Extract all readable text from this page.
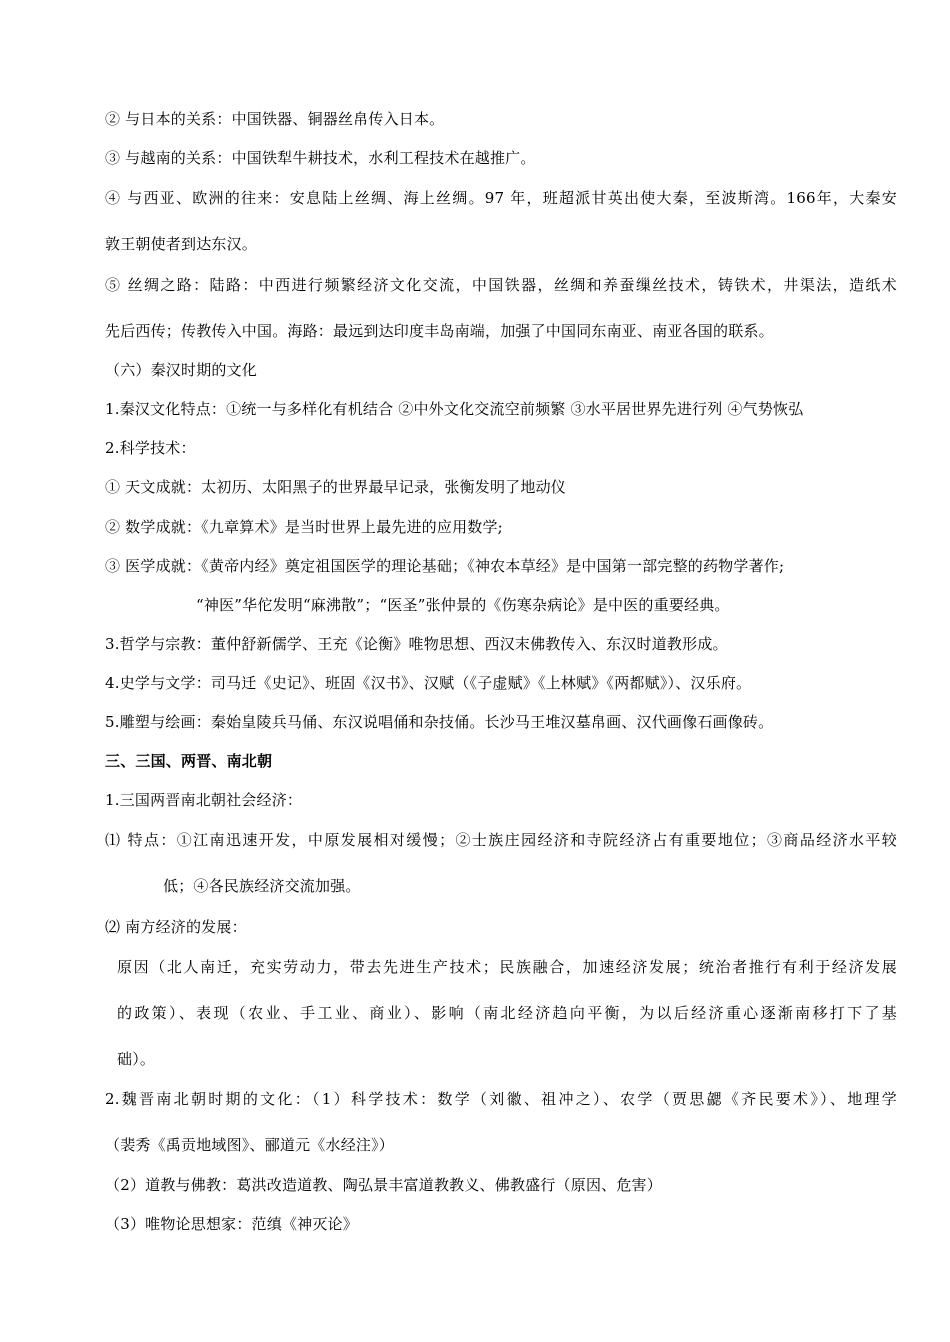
② 与日本的关系：中国铁器、铜器丝帛传入日本。
③ 与越南的关系：中国铁犁牛耕技术，水利工程技术在越推广。
④ 与西亚、欧洲的往来：安息陆上丝绸、海上丝绸。97 年，班超派甘英出使大秦，至波斯湾。166年，大秦安
敦王朝使者到达东汉。
⑤ 丝绸之路：陆路：中西进行频繁经济文化交流，中国铁器，丝绸和养蚕缫丝技术，铸铁术，井渠法，造纸术
先后西传；传教传入中国。海路：最远到达印度丰岛南端，加强了中国同东南亚、南亚各国的联系。
（六）秦汉时期的文化
1.秦汉文化特点：①统一与多样化有机结合 ②中外文化交流空前频繁 ③水平居世界先进行列 ④气势恢弘
2.科学技术：
① 天文成就：太初历、太阳黑子的世界最早记录，张衡发明了地动仪
② 数学成就：《九章算术》是当时世界上最先进的应用数学;
③ 医学成就：《黄帝内经》奠定祖国医学的理论基础；《神农本草经》是中国第一部完整的药物学著作;
“神医”华佗发明“麻沸散”；“医圣”张仲景的《伤寒杂病论》是中医的重要经典。
3.哲学与宗教：董仲舒新儒学、王充《论衡》唯物思想、西汉末佛教传入、东汉时道教形成。
4.史学与文学：司马迁《史记》、班固《汉书》、汉赋（《子虚赋》《上林赋》《两都赋》）、汉乐府。
5.雕塑与绘画：秦始皇陵兵马俑、东汉说唱俑和杂技俑。长沙马王堆汉墓帛画、汉代画像石画像砖。
三、三国、两晋、南北朝
1.三国两晋南北朝社会经济：
⑴ 特点：①江南迅速开发，中原发展相对缓慢；②士族庄园经济和寺院经济占有重要地位；③商品经济水平较
低；④各民族经济交流加强。
⑵ 南方经济的发展：
原因（北人南迁，充实劳动力，带去先进生产技术；民族融合，加速经济发展；统治者推行有利于经济发展
的政策）、表现（农业、手工业、商业）、影响（南北经济趋向平衡，为以后经济重心逐渐南移打下了基
础）。
2.魏晋南北朝时期的文化：（1）科学技术：数学（刘徽、祖冲之）、农学（贾思勰《齐民要术》）、地理学
（裴秀《禹贡地域图》、郦道元《水经注》）
（2）道教与佛教：葛洪改造道教、陶弘景丰富道教教义、佛教盛行（原因、危害）
（3）唯物论思想家：范缜《神灭论》
